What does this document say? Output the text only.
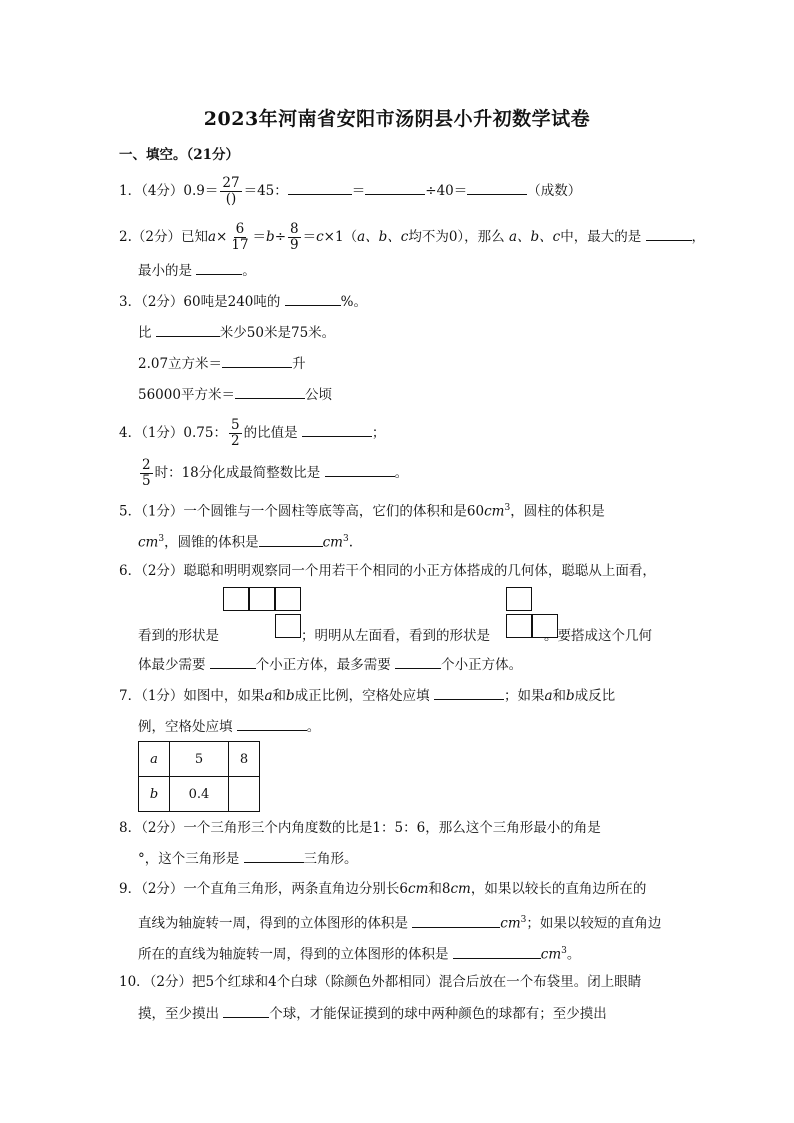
2023年河南省安阳市汤阴县小升初数学试卷
一、填空。（21分）
1．（4分）$0.9= \frac{27}{()} =45$：	＝	÷40＝	（成数）
2.（2分）已知$a\times \frac{6}{17} =b\div \frac{8}{9} =c\times 1(a$、b、c均不为0），那么 a、b、c中，最大的是	，
最小的是	。
3．（2分）60吨是240吨的	%。
比	米少50米是75米。
2.07立方米＝	升
56000平方米＝	公顷
4．（1分）0.75： $\frac{5}{2}$ 的比值是	；
$\frac{2}{5}$ 时：18分化成最简整数比是	。
5．（1分）一个圆锥与一个圆柱等底等高，它们的体积和是$60cm^3$，圆柱的体积是
$cm^3$，圆锥的体积是	$cm^3$.
6．（2分）聪聪和明明观察同一个用若干个相同的小正方体搭成的几何体，聪聪从上面看，
看到的形状是	；明明从左面看，看到的形状是	。要搭成这个几何
体最少需要	个小正方体，最多需要	个小正方体。
7．（1分）如图中，如果a和b成正比例，空格处应填	；如果a和b成反比
例，空格处应填	。
a	5	8
b	0.4	
8．（2分）一个三角形三个内角度数的比是1：5：6，那么这个三角形最小的角是
°，这个三角形是	三角形。
9．（2分）一个直角三角形，两条直角边分别长6cm和8cm，如果以较长的直角边所在的
直线为轴旋转一周，得到的立体图形的体积是	$cm^3$；如果以较短的直角边
所在的直线为轴旋转一周，得到的立体图形的体积是	$cm^3$。
10．（2分）把5个红球和4个白球（除颜色外都相同）混合后放在一个布袋里。闭上眼睛
摸，至少摸出	个球，才能保证摸到的球中两种颜色的球都有；至少摸出
